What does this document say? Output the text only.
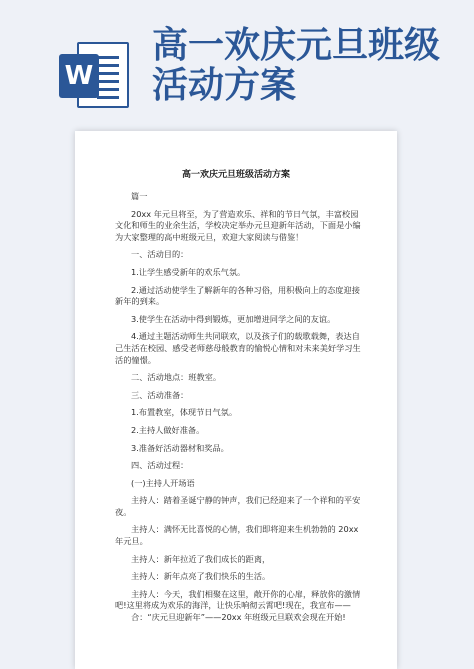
W
高一欢庆元旦班级
活动方案
高一欢庆元旦班级活动方案

篇一

20xx 年元旦将至，为了营造欢乐、祥和的节日气氛，丰富校园文化和师生的业余生活，学校决定举办元旦迎新年活动，下面是小编为大家整理的高中班级元旦，欢迎大家阅读与借鉴！

一、活动目的：

1.让学生感受新年的欢乐气氛。

2.通过活动使学生了解新年的各种习俗，用积极向上的态度迎接新年的到来。

3.使学生在活动中得到锻炼，更加增进同学之间的友谊。

4.通过主题活动师生共同联欢，以及孩子们的载歌载舞，表达自己生活在校园、感受老师慈母般教育的愉悦心情和对未来美好学习生活的憧憬。

二、活动地点：班教室。

三、活动准备：

1.布置教室，体现节日气氛。

2.主持人做好准备。

3.准备好活动器材和奖品。

四、活动过程：

(一)主持人开场语

主持人：踏着圣诞宁静的钟声，我们已经迎来了一个祥和的平安夜。

主持人：满怀无比喜悦的心情，我们即将迎来生机勃勃的 20xx 年元旦。

主持人：新年拉近了我们成长的距离，

主持人：新年点亮了我们快乐的生活。

主持人：今天，我们相聚在这里，敞开你的心扉，释放你的激情吧!这里将成为欢乐的海洋，让快乐响彻云霄吧!现在，我宣布——

合：“庆元旦迎新年”——20xx 年班级元旦联欢会现在开始!
